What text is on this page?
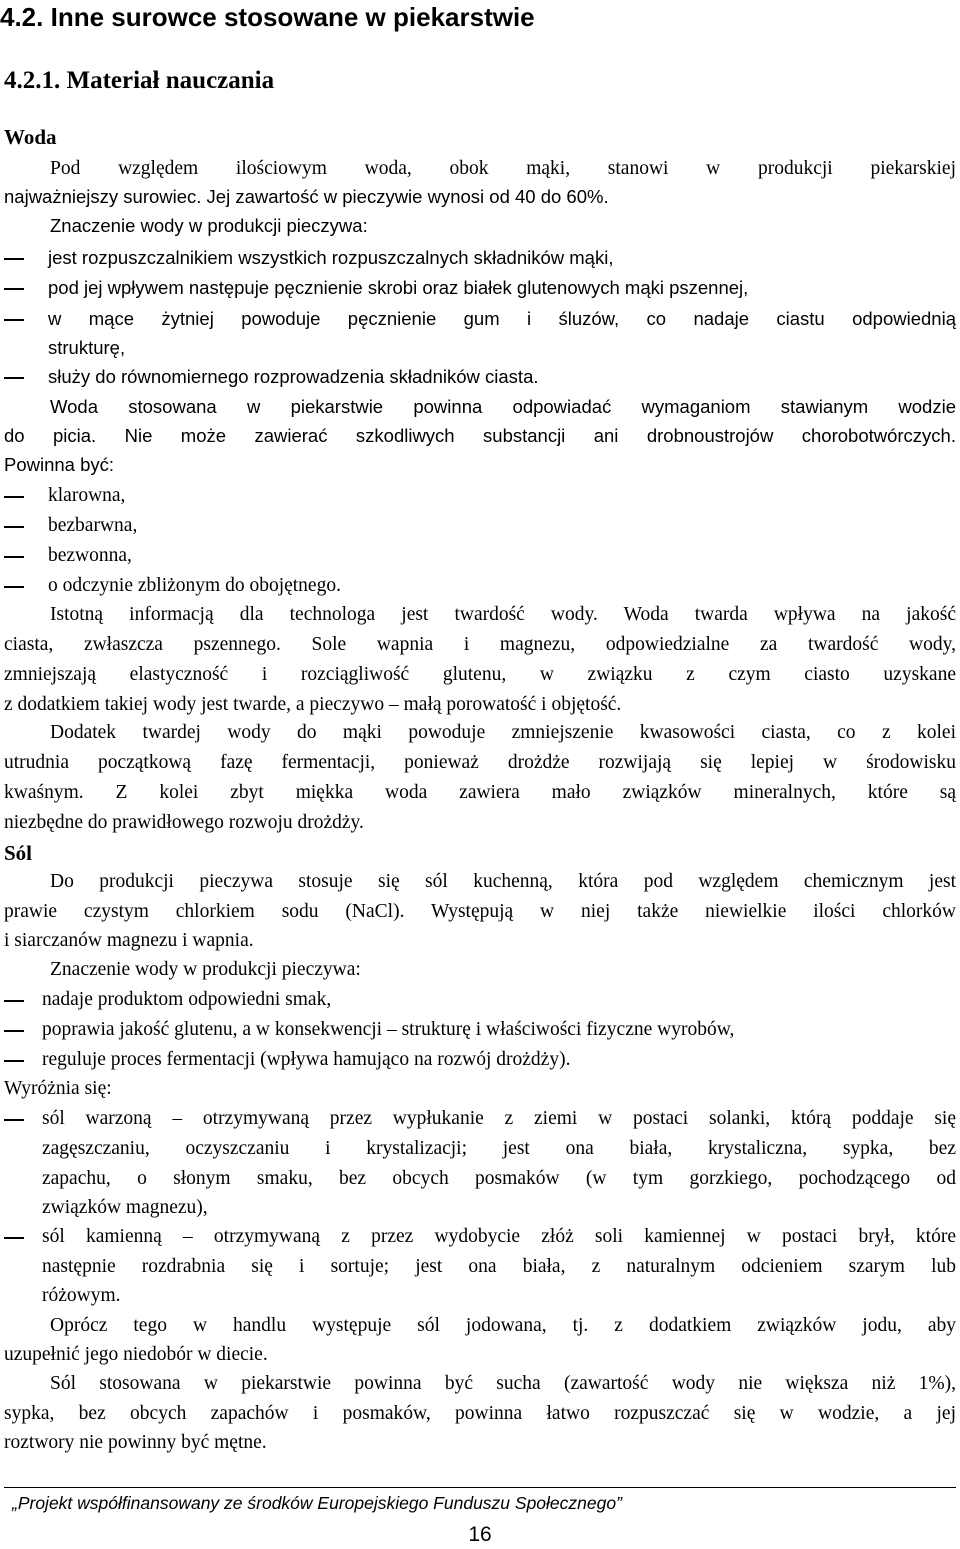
4.2. Inne surowce stosowane w piekarstwie
4.2.1. Materiał nauczania
Woda
Pod względem ilościowym woda, obok mąki, stanowi w produkcji piekarskiej
najważniejszy surowiec. Jej zawartość w pieczywie wynosi od 40 do 60%.
Znaczenie wody w produkcji pieczywa:
jest rozpuszczalnikiem wszystkich rozpuszczalnych składników mąki,
pod jej wpływem następuje pęcznienie skrobi oraz białek glutenowych mąki pszennej,
w mące żytniej powoduje pęcznienie gum i śluzów, co nadaje ciastu odpowiednią
strukturę,
służy do równomiernego rozprowadzenia składników ciasta.
Woda stosowana w piekarstwie powinna odpowiadać wymaganiom stawianym wodzie
do picia. Nie może zawierać szkodliwych substancji ani drobnoustrojów chorobotwórczych.
Powinna być:
klarowna,
bezbarwna,
bezwonna,
o odczynie zbliżonym do obojętnego.
Istotną informacją dla technologa jest twardość wody. Woda twarda wpływa na jakość
ciasta, zwłaszcza pszennego. Sole wapnia i magnezu, odpowiedzialne za twardość wody,
zmniejszają elastyczność i rozciągliwość glutenu, w związku z czym ciasto uzyskane
z dodatkiem takiej wody jest twarde, a pieczywo – małą porowatość i objętość.
Dodatek twardej wody do mąki powoduje zmniejszenie kwasowości ciasta, co z kolei
utrudnia początkową fazę fermentacji, ponieważ drożdże rozwijają się lepiej w środowisku
kwaśnym. Z kolei zbyt miękka woda zawiera mało związków mineralnych, które są
niezbędne do prawidłowego rozwoju drożdży.
Sól
Do produkcji pieczywa stosuje się sól kuchenną, która pod względem chemicznym jest
prawie czystym chlorkiem sodu (NaCl). Występują w niej także niewielkie ilości chlorków
i siarczanów magnezu i wapnia.
Znaczenie wody w produkcji pieczywa:
nadaje produktom odpowiedni smak,
poprawia jakość glutenu, a w konsekwencji – strukturę i właściwości fizyczne wyrobów,
reguluje proces fermentacji (wpływa hamująco na rozwój drożdży).
Wyróżnia się:
sól warzoną – otrzymywaną przez wypłukanie z ziemi w postaci solanki, którą poddaje się
zagęszczaniu, oczyszczaniu i krystalizacji; jest ona biała, krystaliczna, sypka, bez
zapachu, o słonym smaku, bez obcych posmaków (w tym gorzkiego, pochodzącego od
związków magnezu),
sól kamienną – otrzymywaną z przez wydobycie złóż soli kamiennej w postaci brył, które
następnie rozdrabnia się i sortuje; jest ona biała, z naturalnym odcieniem szarym lub
różowym.
Oprócz tego w handlu występuje sól jodowana, tj. z dodatkiem związków jodu, aby
uzupełnić jego niedobór w diecie.
Sól stosowana w piekarstwie powinna być sucha (zawartość wody nie większa niż 1%),
sypka, bez obcych zapachów i posmaków, powinna łatwo rozpuszczać się w wodzie, a jej
roztwory nie powinny być mętne.
„Projekt współfinansowany ze środków Europejskiego Funduszu Społecznego”
16
